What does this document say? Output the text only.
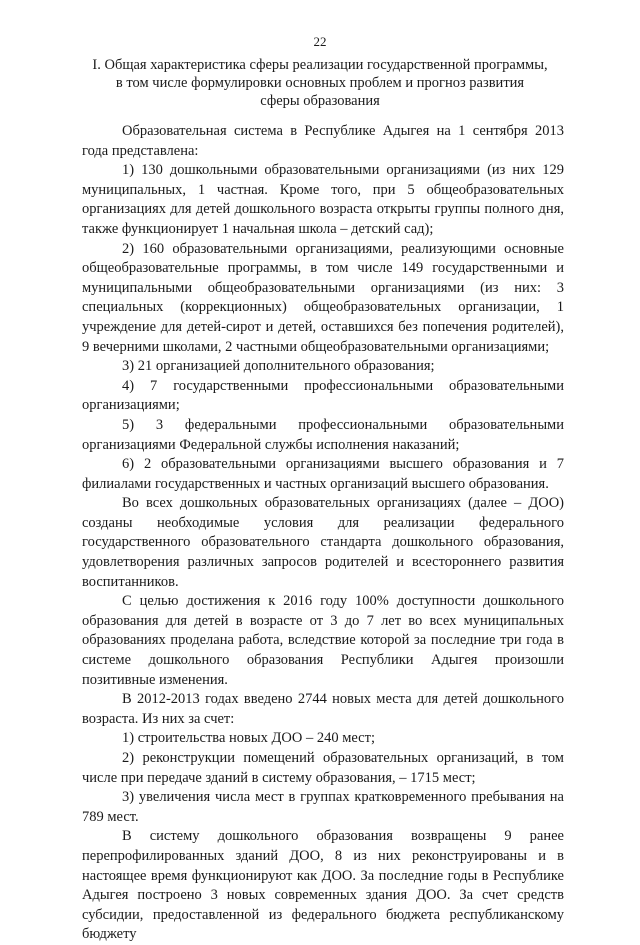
22
I. Общая характеристика сферы реализации государственной программы,
в том числе формулировки основных проблем и прогноз развития
сферы образования

Образовательная система в Республике Адыгея на 1 сентября 2013 года представлена:

1) 130 дошкольными образовательными организациями (из них 129 муниципальных, 1 частная. Кроме того, при 5 общеобразовательных организациях для детей дошкольного возраста открыты группы полного дня, также функционирует 1 начальная школа – детский сад);

2) 160 образовательными организациями, реализующими основные общеобразовательные программы, в том числе 149 государственными и муниципальными общеобразовательными организациями (из них: 3 специальных (коррекционных) общеобразовательных организации, 1 учреждение для детей-сирот и детей, оставшихся без попечения родителей), 9 вечерними школами, 2 частными общеобразовательными организациями;

3) 21 организацией дополнительного образования;

4) 7 государственными профессиональными образовательными организациями;

5) 3 федеральными профессиональными образовательными организациями Федеральной службы исполнения наказаний;

6) 2 образовательными организациями высшего образования и 7 филиалами государственных и частных организаций высшего образования.

Во всех дошкольных образовательных организациях (далее – ДОО) созданы необходимые условия для реализации федерального государственного образовательного стандарта дошкольного образования, удовлетворения различных запросов родителей и всестороннего развития воспитанников.

С целью достижения к 2016 году 100% доступности дошкольного образования для детей в возрасте от 3 до 7 лет во всех муниципальных образованиях проделана работа, вследствие которой за последние три года в системе дошкольного образования Республики Адыгея произошли позитивные изменения.

В 2012-2013 годах введено 2744 новых места для детей дошкольного возраста. Из них за счет:

1) строительства новых ДОО – 240 мест;

2) реконструкции помещений образовательных организаций, в том числе при передаче зданий в систему образования, – 1715 мест;

3) увеличения числа мест в группах кратковременного пребывания на 789 мест.

В систему дошкольного образования возвращены 9 ранее перепрофилированных зданий ДОО, 8 из них реконструированы и в настоящее время функционируют как ДОО. За последние годы в Республике Адыгея построено 3 новых современных здания ДОО. За счет средств субсидии, предоставленной из федерального бюджета республиканскому бюджету
